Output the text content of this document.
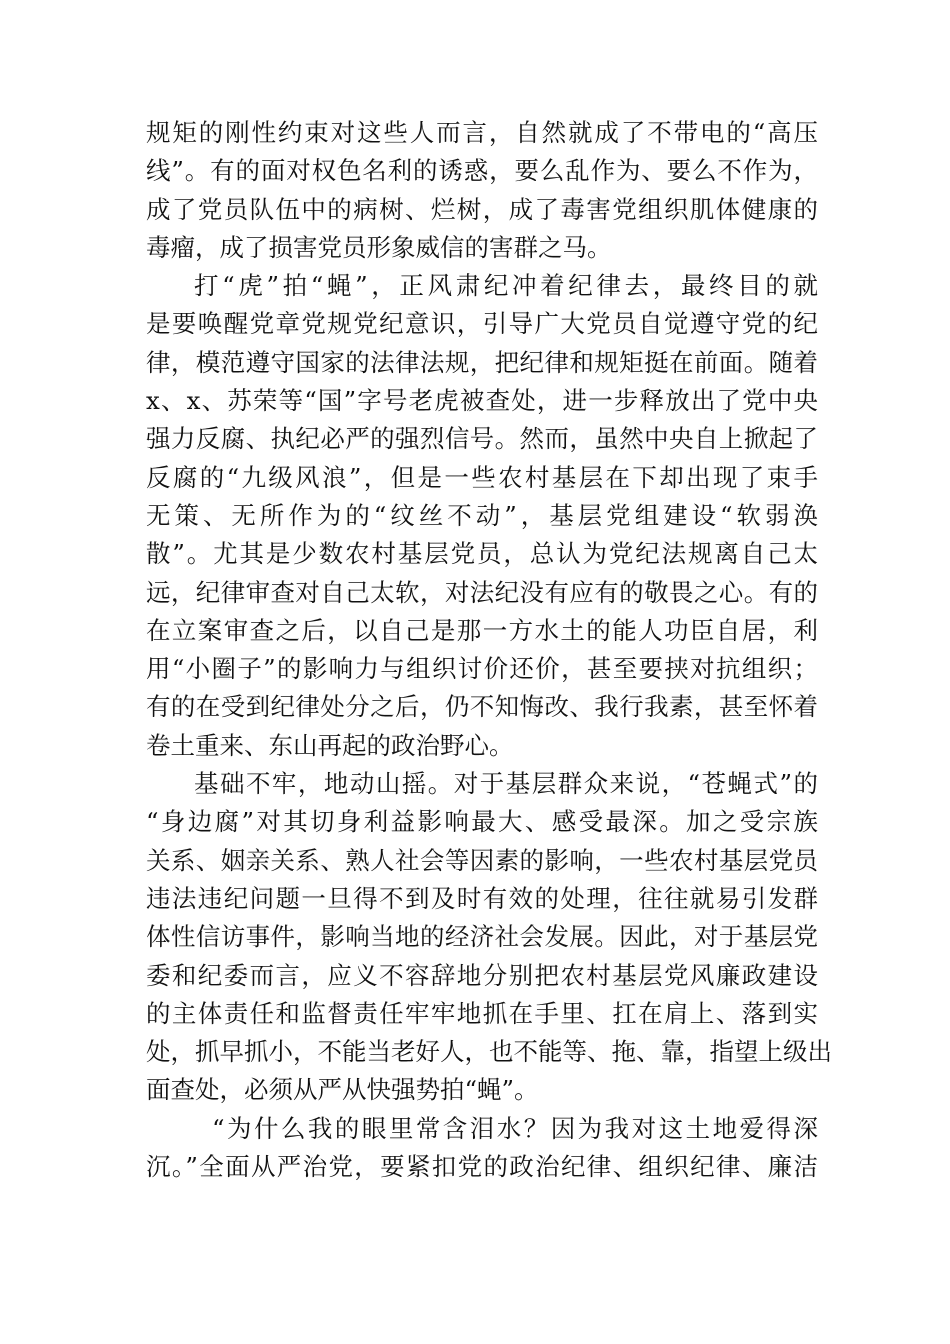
规矩的刚性约束对这些人而言，自然就成了不带电的“高压
线”。有的面对权色名利的诱惑，要么乱作为、要么不作为，
成了党员队伍中的病树、烂树，成了毒害党组织肌体健康的
毒瘤，成了损害党员形象威信的害群之马。
打“虎”拍“蝇”，正风肃纪冲着纪律去，最终目的就
是要唤醒党章党规党纪意识，引导广大党员自觉遵守党的纪
律，模范遵守国家的法律法规，把纪律和规矩挺在前面。随着
x、x、苏荣等“国”字号老虎被查处，进一步释放出了党中央
强力反腐、执纪必严的强烈信号。然而，虽然中央自上掀起了
反腐的“九级风浪”，但是一些农村基层在下却出现了束手
无策、无所作为的“纹丝不动”，基层党组建设“软弱涣
散”。尤其是少数农村基层党员，总认为党纪法规离自己太
远，纪律审查对自己太软，对法纪没有应有的敬畏之心。有的
在立案审查之后，以自己是那一方水土的能人功臣自居，利
用“小圈子”的影响力与组织讨价还价，甚至要挟对抗组织；
有的在受到纪律处分之后，仍不知悔改、我行我素，甚至怀着
卷土重来、东山再起的政治野心。
基础不牢，地动山摇。对于基层群众来说，“苍蝇式”的
“身边腐”对其切身利益影响最大、感受最深。加之受宗族
关系、姻亲关系、熟人社会等因素的影响，一些农村基层党员
违法违纪问题一旦得不到及时有效的处理，往往就易引发群
体性信访事件，影响当地的经济社会发展。因此，对于基层党
委和纪委而言，应义不容辞地分别把农村基层党风廉政建设
的主体责任和监督责任牢牢地抓在手里、扛在肩上、落到实
处，抓早抓小，不能当老好人，也不能等、拖、靠，指望上级出
面查处，必须从严从快强势拍“蝇”。
“为什么我的眼里常含泪水？因为我对这土地爱得深
沉。”全面从严治党，要紧扣党的政治纪律、组织纪律、廉洁
